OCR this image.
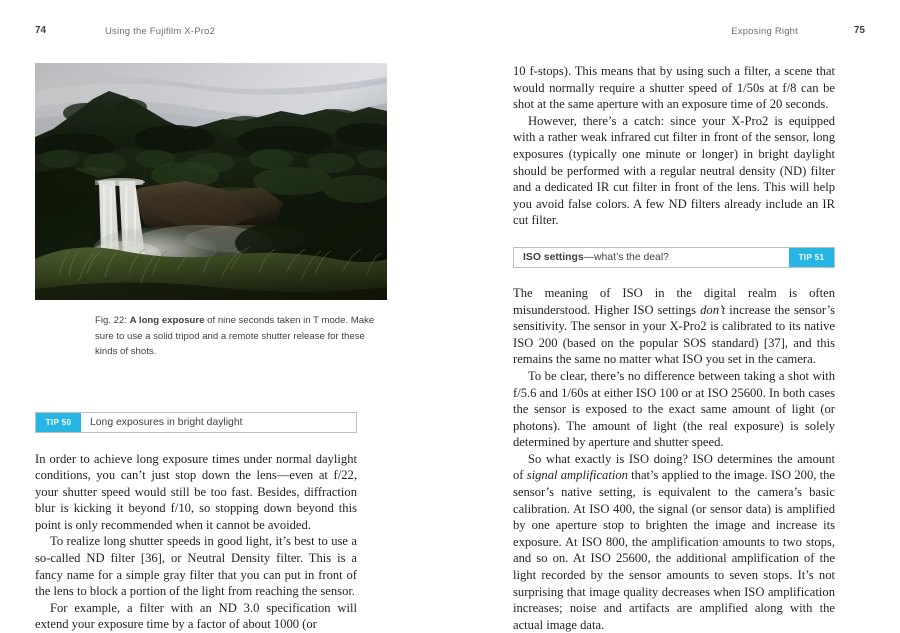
74	Using the Fujifilm X-Pro2	Exposing Right	75
Fig. 22: A long exposure of nine seconds taken in T mode. Make sure to use a solid tripod and a remote shutter release for these kinds of shots.
TIP 50	Long exposures in bright daylight

In order to achieve long exposure times under normal daylight conditions, you can’t just stop down the lens—even at f/22, your shutter speed would still be too fast. Besides, diffraction blur is kicking it beyond f/10, so stopping down beyond this point is only recommended when it cannot be avoided.

To realize long shutter speeds in good light, it’s best to use a so-called ND filter [36], or Neutral Density filter. This is a fancy name for a simple gray filter that you can put in front of the lens to block a portion of the light from reaching the sensor.

For example, a filter with an ND 3.0 specification will extend your exposure time by a factor of about 1000 (or

10 f-stops). This means that by using such a filter, a scene that would normally require a shutter speed of 1/50s at f/8 can be shot at the same aperture with an exposure time of 20 seconds.

However, there’s a catch: since your X-Pro2 is equipped with a rather weak infrared cut filter in front of the sensor, long exposures (typically one minute or longer) in bright daylight should be performed with a regular neutral density (ND) filter and a dedicated IR cut filter in front of the lens. This will help you avoid false colors. A few ND filters already include an IR cut filter.

ISO settings —what’s the deal?	TIP 51

The meaning of ISO in the digital realm is often misunderstood. Higher ISO settings don’t increase the sensor’s sensitivity. The sensor in your X-Pro2 is calibrated to its native ISO 200 (based on the popular SOS standard) [37], and this remains the same no matter what ISO you set in the camera.

To be clear, there’s no difference between taking a shot with f/5.6 and 1/60s at either ISO 100 or at ISO 25600. In both cases the sensor is exposed to the exact same amount of light (or photons). The amount of light (the real exposure) is solely determined by aperture and shutter speed.

So what exactly is ISO doing? ISO determines the amount of signal amplification that’s applied to the image. ISO 200, the sensor’s native setting, is equivalent to the camera’s basic calibration. At ISO 400, the signal (or sensor data) is amplified by one aperture stop to brighten the image and increase its exposure. At ISO 800, the amplification amounts to two stops, and so on. At ISO 25600, the additional amplification of the light recorded by the sensor amounts to seven stops. It’s not surprising that image quality decreases when ISO amplification increases; noise and artifacts are amplified along with the actual image data.
